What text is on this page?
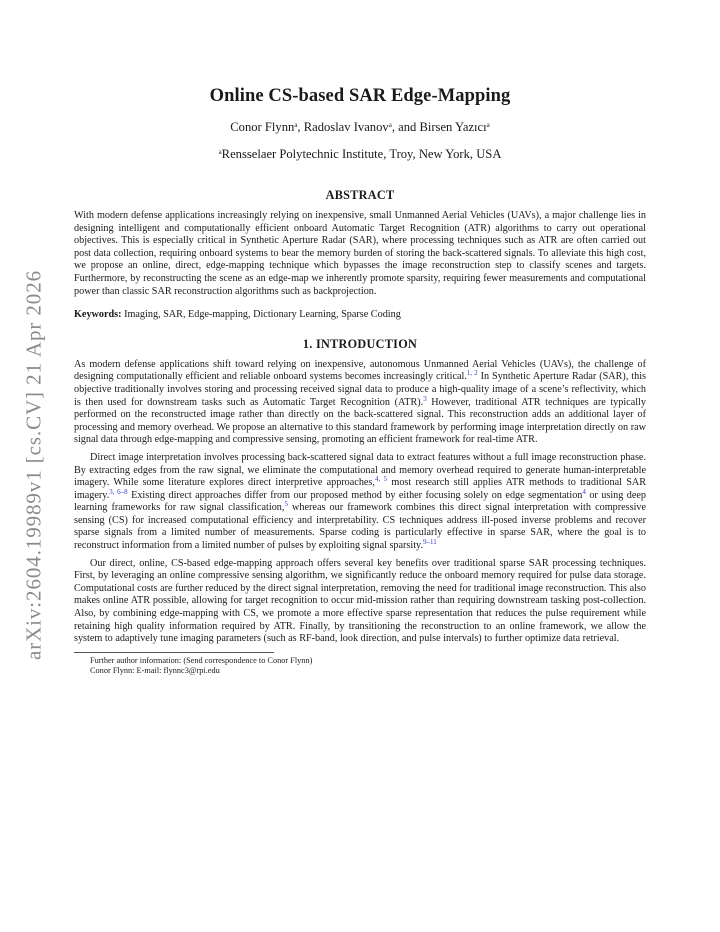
arXiv:2604.19989v1 [cs.CV] 21 Apr 2026
Online CS-based SAR Edge-Mapping
Conor Flynn$^a$, Radoslav Ivanov$^a$, and Birsen Yazıcı$^a$
$^a$Rensselaer Polytechnic Institute, Troy, New York, USA
ABSTRACT

With modern defense applications increasingly relying on inexpensive, small Unmanned Aerial Vehicles (UAVs), a major challenge lies in designing intelligent and computationally efficient onboard Automatic Target Recognition (ATR) algorithms to carry out operational objectives. This is especially critical in Synthetic Aperture Radar (SAR), where processing techniques such as ATR are often carried out post data collection, requiring onboard systems to bear the memory burden of storing the back-scattered signals. To alleviate this high cost, we propose an online, direct, edge-mapping technique which bypasses the image reconstruction step to classify scenes and targets. Furthermore, by reconstructing the scene as an edge-map we inherently promote sparsity, requiring fewer measurements and computational power than classic SAR reconstruction algorithms such as backprojection.

Keywords: Imaging, SAR, Edge-mapping, Dictionary Learning, Sparse Coding

1. INTRODUCTION

As modern defense applications shift toward relying on inexpensive, autonomous Unmanned Aerial Vehicles (UAVs), the challenge of designing computationally efficient and reliable onboard systems becomes increasingly critical.$^{1, 2}$ In Synthetic Aperture Radar (SAR), this objective traditionally involves storing and processing received signal data to produce a high-quality image of a scene’s reflectivity, which is then used for downstream tasks such as Automatic Target Recognition (ATR).$^3$ However, traditional ATR techniques are typically performed on the reconstructed image rather than directly on the back-scattered signal. This reconstruction adds an additional layer of processing and memory overhead. We propose an alternative to this standard framework by performing image interpretation directly on raw signal data through edge-mapping and compressive sensing, promoting an efficient framework for real-time ATR.

Direct image interpretation involves processing back-scattered signal data to extract features without a full image reconstruction phase. By extracting edges from the raw signal, we eliminate the computational and memory overhead required to generate human-interpretable imagery. While some literature explores direct interpretive approaches,$^{4, 5}$ most research still applies ATR methods to traditional SAR imagery.$^{3, 6-8}$ Existing direct approaches differ from our proposed method by either focusing solely on edge segmentation$^4$ or using deep learning frameworks for raw signal classification,$^5$ whereas our framework combines this direct signal interpretation with compressive sensing (CS) for increased computational efficiency and interpretability. CS techniques address ill-posed inverse problems and recover sparse signals from a limited number of measurements. Sparse coding is particularly effective in sparse SAR, where the goal is to reconstruct information from a limited number of pulses by exploiting signal sparsity.$^{9-11}$

Our direct, online, CS-based edge-mapping approach offers several key benefits over traditional sparse SAR processing techniques. First, by leveraging an online compressive sensing algorithm, we significantly reduce the onboard memory required for pulse data storage. Computational costs are further reduced by the direct signal interpretation, removing the need for traditional image reconstruction. This also makes online ATR possible, allowing for target recognition to occur mid-mission rather than requiring downstream tasking post-collection. Also, by combining edge-mapping with CS, we promote a more effective sparse representation that reduces the pulse requirement while retaining high quality information required by ATR. Finally, by transitioning the reconstruction to an online framework, we allow the system to adaptively tune imaging parameters (such as RF-band, look direction, and pulse intervals) to further optimize data retrieval.

Further author information: (Send correspondence to Conor Flynn)

Conor Flynn: E-mail: flynnc3@rpi.edu
